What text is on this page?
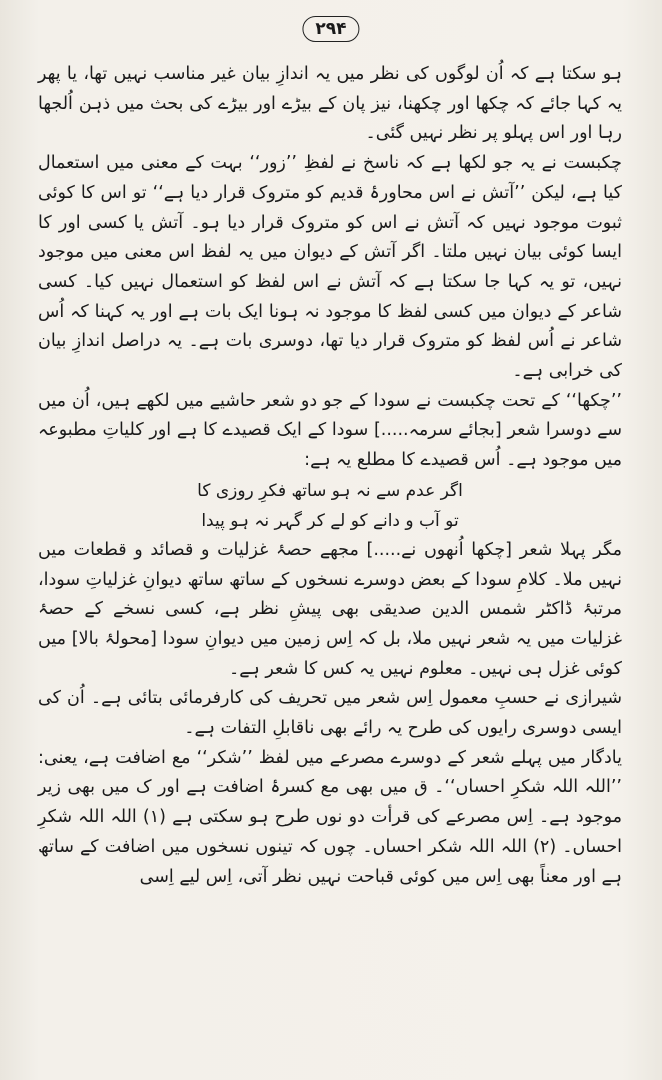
۲۹۴

ہو سکتا ہے کہ اُن لوگوں کی نظر میں یہ اندازِ بیان غیر مناسب نہیں تھا، یا پھر یہ کہا جائے کہ چکھا اور چکھنا، نیز پان کے بیڑے اور بیڑے کی بحث میں ذہن اُلجھا رہا اور اس پہلو پر نظر نہیں گئی۔

چکبست نے یہ جو لکھا ہے کہ ناسخ نے لفظِ ’’زور‘‘ بہت کے معنی میں استعمال کیا ہے، لیکن ’’آتش نے اس محاورۂ قدیم کو متروک قرار دیا ہے‘‘ تو اس کا کوئی ثبوت موجود نہیں کہ آتش نے اس کو متروک قرار دیا ہو۔ آتش یا کسی اور کا ایسا کوئی بیان نہیں ملتا۔ اگر آتش کے دیوان میں یہ لفظ اس معنی میں موجود نہیں، تو یہ کہا جا سکتا ہے کہ آتش نے اس لفظ کو استعمال نہیں کیا۔ کسی شاعر کے دیوان میں کسی لفظ کا موجود نہ ہونا ایک بات ہے اور یہ کہنا کہ اُس شاعر نے اُس لفظ کو متروک قرار دیا تھا، دوسری بات ہے۔ یہ دراصل اندازِ بیان کی خرابی ہے۔

’’چکھا‘‘ کے تحت چکبست نے سودا کے جو دو شعر حاشیے میں لکھے ہیں، اُن میں سے دوسرا شعر [بجائے سرمہ.....] سودا کے ایک قصیدے کا ہے اور کلیاتِ مطبوعہ میں موجود ہے۔ اُس قصیدے کا مطلع یہ ہے:

اگر عدم سے نہ ہو ساتھ فکرِ روزی کا

تو آب و دانے کو لے کر گہر نہ ہو پیدا

مگر پہلا شعر [چکھا اُنھوں نے.....] مجھے حصۂ غزلیات و قصائد و قطعات میں نہیں ملا۔ کلامِ سودا کے بعض دوسرے نسخوں کے ساتھ ساتھ دیوانِ غزلیاتِ سودا، مرتبۂ ڈاکٹر شمس الدین صدیقی بھی پیشِ نظر ہے، کسی نسخے کے حصۂ غزلیات میں یہ شعر نہیں ملا، بل کہ اِس زمین میں دیوانِ سودا [محولۂ بالا] میں کوئی غزل ہی نہیں۔ معلوم نہیں یہ کس کا شعر ہے۔

شیرازی نے حسبِ معمول اِس شعر میں تحریف کی کارفرمائی بتائی ہے۔ اُن کی ایسی دوسری رایوں کی طرح یہ رائے بھی ناقابلِ التفات ہے۔

یادگار میں پہلے شعر کے دوسرے مصرعے میں لفظ ’’شکر‘‘ مع اضافت ہے، یعنی: ’’اللہ اللہ شکرِ احساں‘‘۔ ق میں بھی مع کسرۂ اضافت ہے اور ک میں بھی زیر موجود ہے۔ اِس مصرعے کی قرأت دو نوں طرح ہو سکتی ہے (۱) اللہ اللہ شکرِ احساں۔ (۲) اللہ اللہ شکر احساں۔ چوں کہ تینوں نسخوں میں اضافت کے ساتھ ہے اور معناً بھی اِس میں کوئی قباحت نہیں نظر آتی، اِس لیے اِسی
